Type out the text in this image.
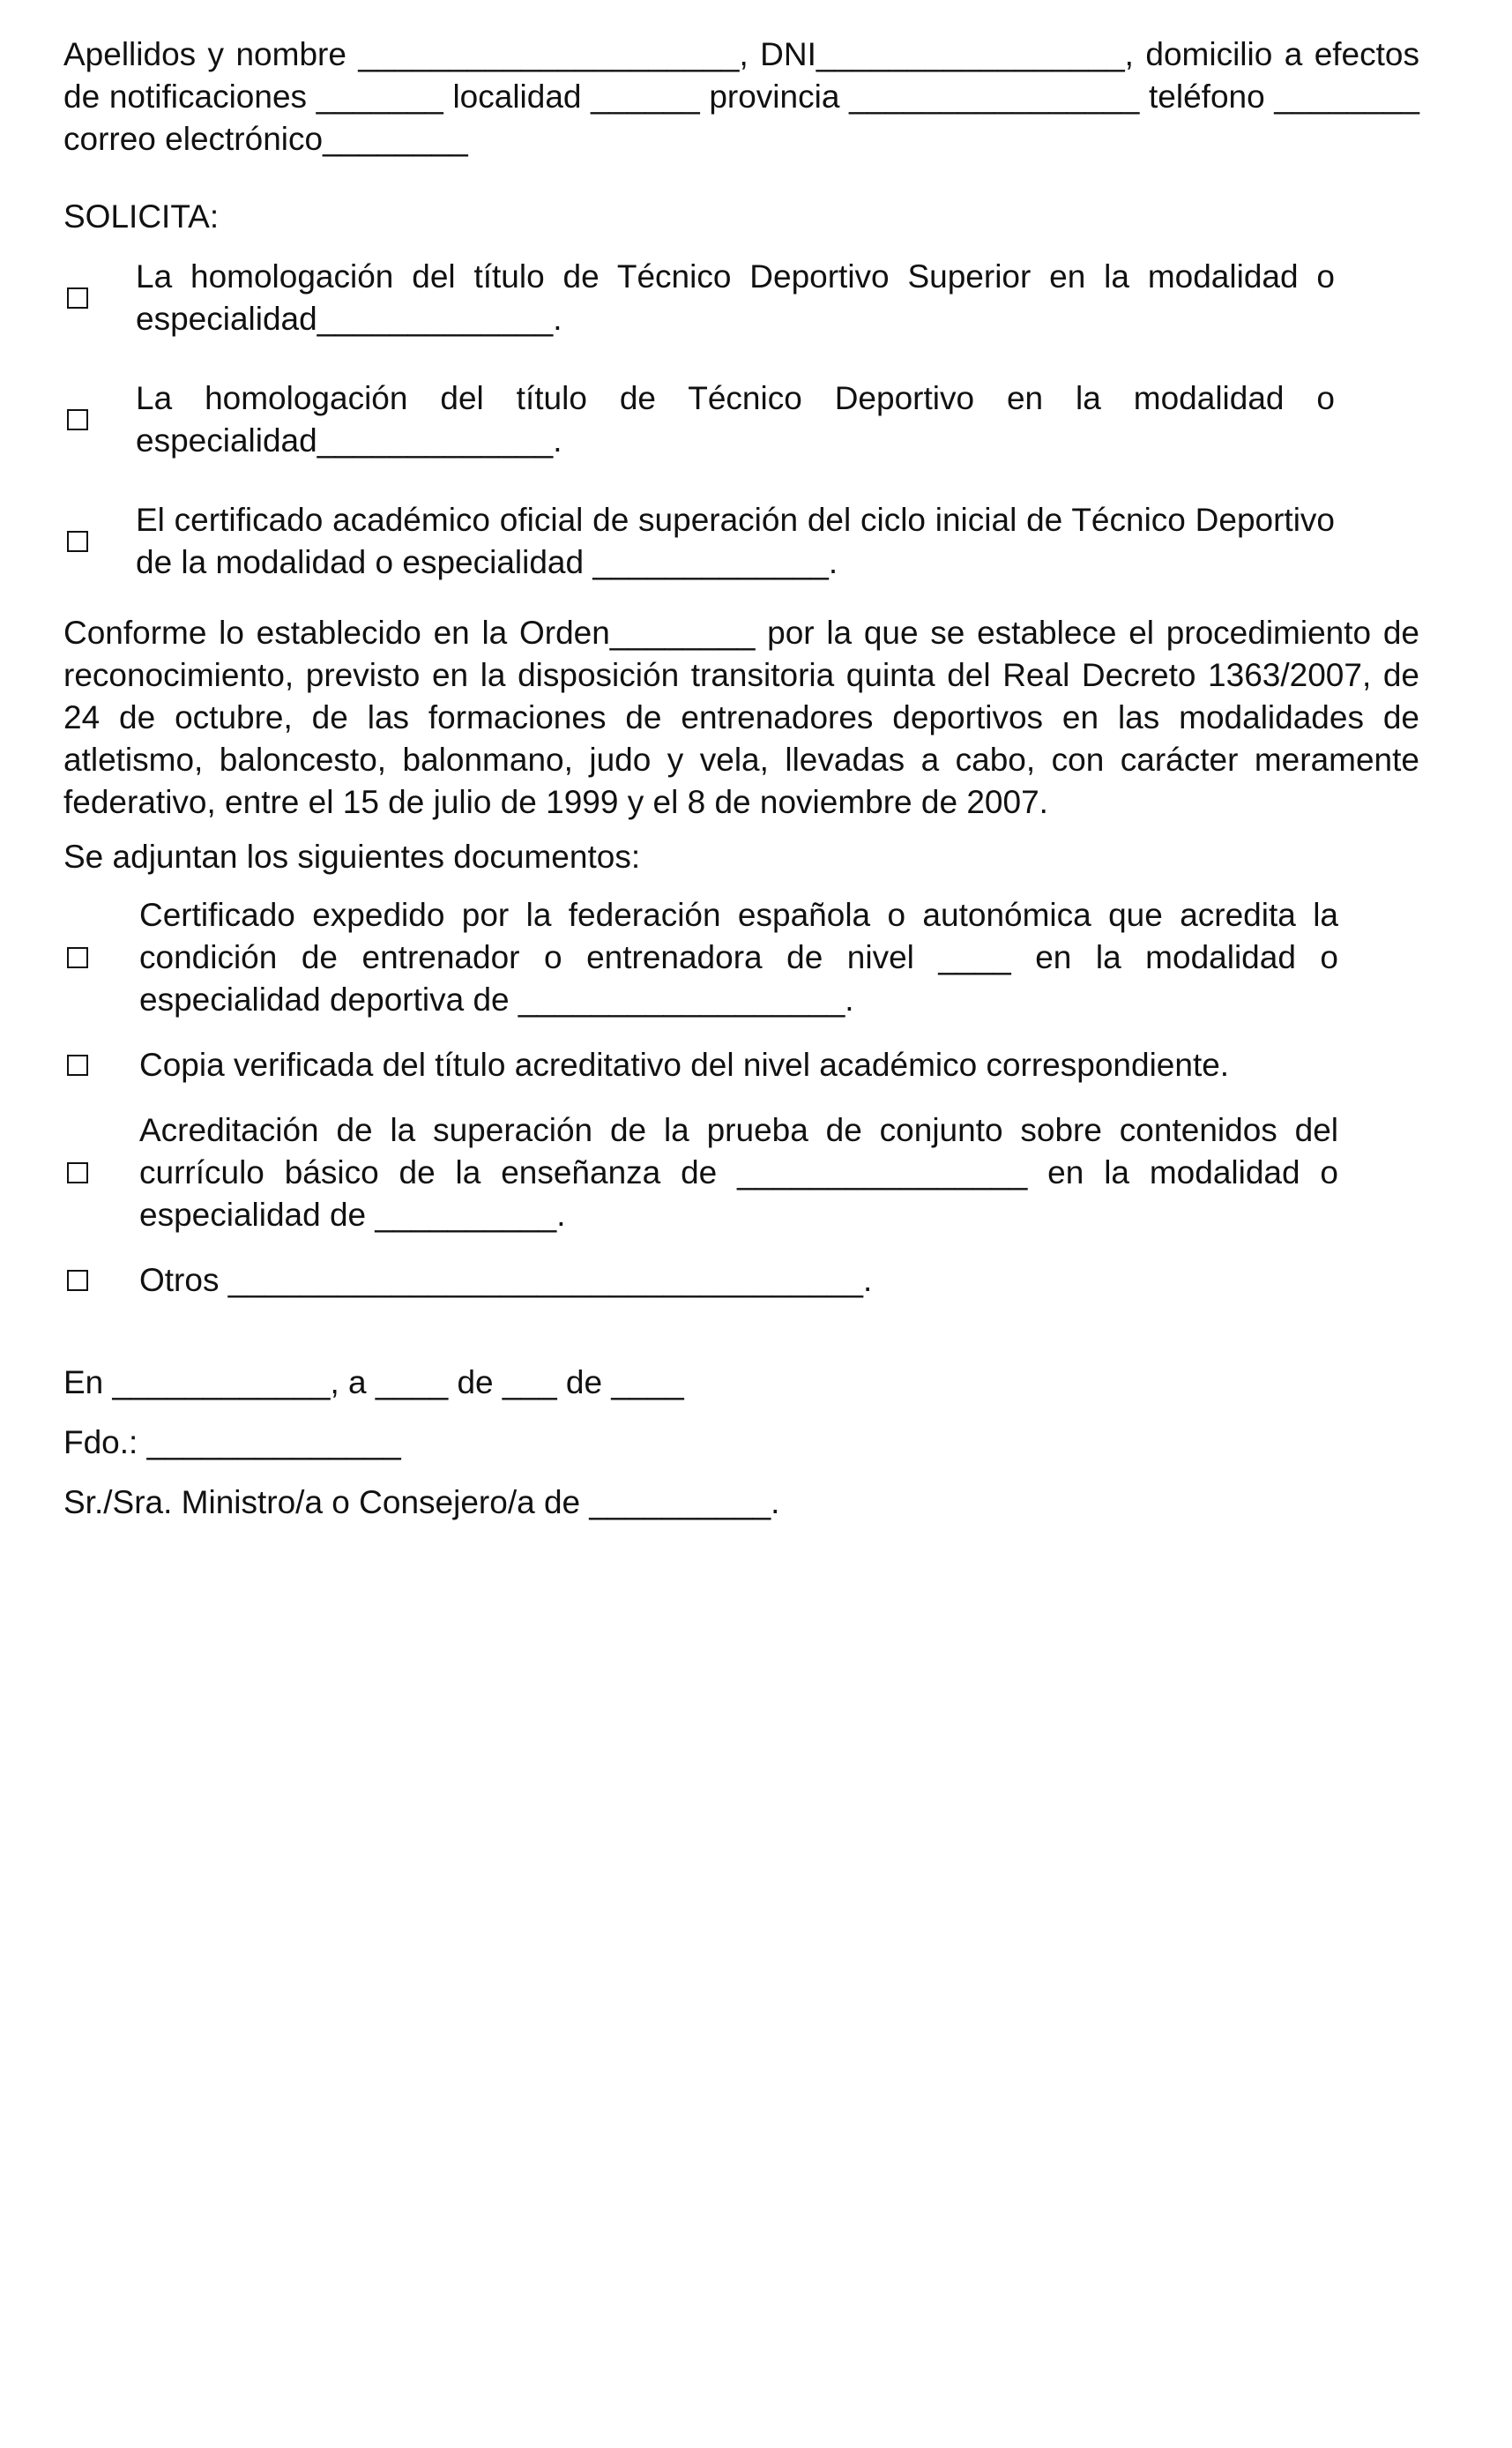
Apellidos y nombre _____________________, DNI_________________, domicilio a efectos de notificaciones _______ localidad ______ provincia ________________ teléfono ________ correo electrónico________

SOLICITA:

La homologación del título de Técnico Deportivo Superior en la modalidad o especialidad_____________.
La homologación del título de Técnico Deportivo en la modalidad o especialidad_____________.
El certificado académico oficial de superación del ciclo inicial de Técnico Deportivo de la modalidad o especialidad _____________.

Conforme lo establecido en la Orden________ por la que se establece el procedimiento de reconocimiento, previsto en la disposición transitoria quinta del Real Decreto 1363/2007, de 24 de octubre, de las formaciones de entrenadores deportivos en las modalidades de atletismo, baloncesto, balonmano, judo y vela, llevadas a cabo, con carácter meramente federativo, entre el 15 de julio de 1999 y el 8 de noviembre de 2007.

Se adjuntan los siguientes documentos:

Certificado expedido por la federación española o autonómica que acredita la condición de entrenador o entrenadora de nivel ____ en la modalidad o especialidad deportiva de __________________.
Copia verificada del título acreditativo del nivel académico correspondiente.
Acreditación de la superación de la prueba de conjunto sobre contenidos del currículo básico de la enseñanza de ________________ en la modalidad o especialidad de __________.
Otros ___________________________________.

En ____________, a ____ de ___ de ____

Fdo.: ______________

Sr./Sra. Ministro/a o Consejero/a de __________.
